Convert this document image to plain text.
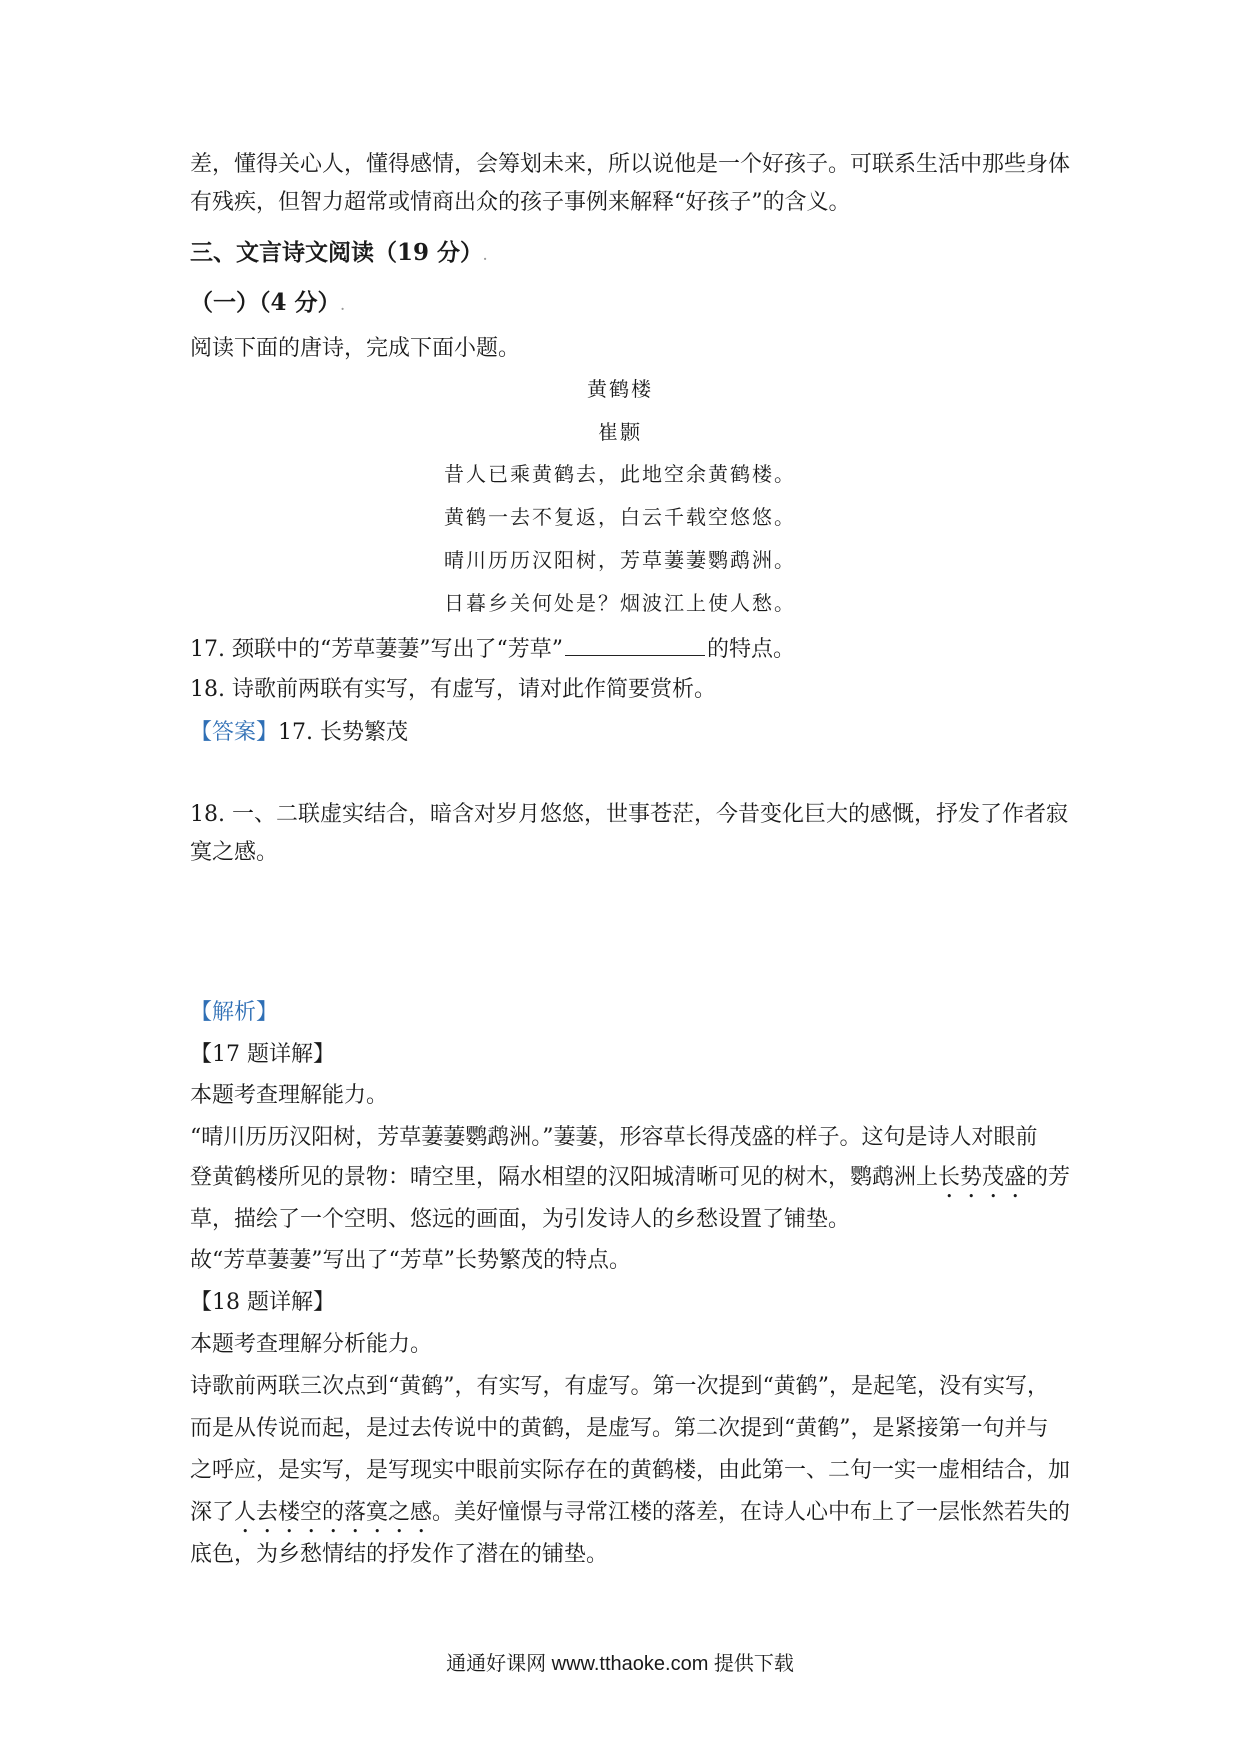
差，懂得关心人，懂得感情，会筹划未来，所以说他是一个好孩子。可联系生活中那些身体
有残疾，但智力超常或情商出众的孩子事例来解释“好孩子”的含义。
三、文言诗文阅读（19 分）.
（一）（4 分）.
阅读下面的唐诗，完成下面小题。
黄鹤楼
崔颢
昔人已乘黄鹤去，此地空余黄鹤楼。
黄鹤一去不复返，白云千载空悠悠。
晴川历历汉阳树，芳草萋萋鹦鹉洲。
日暮乡关何处是？烟波江上使人愁。
17. 颈联中的“芳草萋萋”写出了“芳草”	的特点。
18. 诗歌前两联有实写，有虚写，请对此作简要赏析。
【答案】17. 长势繁茂
18. 一、二联虚实结合，暗含对岁月悠悠，世事苍茫，今昔变化巨大的感慨，抒发了作者寂
寞之感。
【解析】
【17 题详解】
本题考查理解能力。
“晴川历历汉阳树，芳草萋萋鹦鹉洲。”萋萋，形容草长得茂盛的样子。这句是诗人对眼前
登黄鹤楼所见的景物：晴空里，隔水相望的汉阳城清晰可见的树木，鹦鹉洲上长势茂盛的芳
草，描绘了一个空明、悠远的画面，为引发诗人的乡愁设置了铺垫。
故“芳草萋萋”写出了“芳草”长势繁茂的特点。
【18 题详解】
本题考查理解分析能力。
诗歌前两联三次点到“黄鹤”，有实写，有虚写。第一次提到“黄鹤”，是起笔，没有实写，
而是从传说而起，是过去传说中的黄鹤，是虚写。第二次提到“黄鹤”，是紧接第一句并与
之呼应，是实写，是写现实中眼前实际存在的黄鹤楼，由此第一、二句一实一虚相结合，加
深了人去楼空的落寞之感。美好憧憬与寻常江楼的落差，在诗人心中布上了一层怅然若失的
底色，为乡愁情结的抒发作了潜在的铺垫。
通通好课网 www.tthaoke.com 提供下载
